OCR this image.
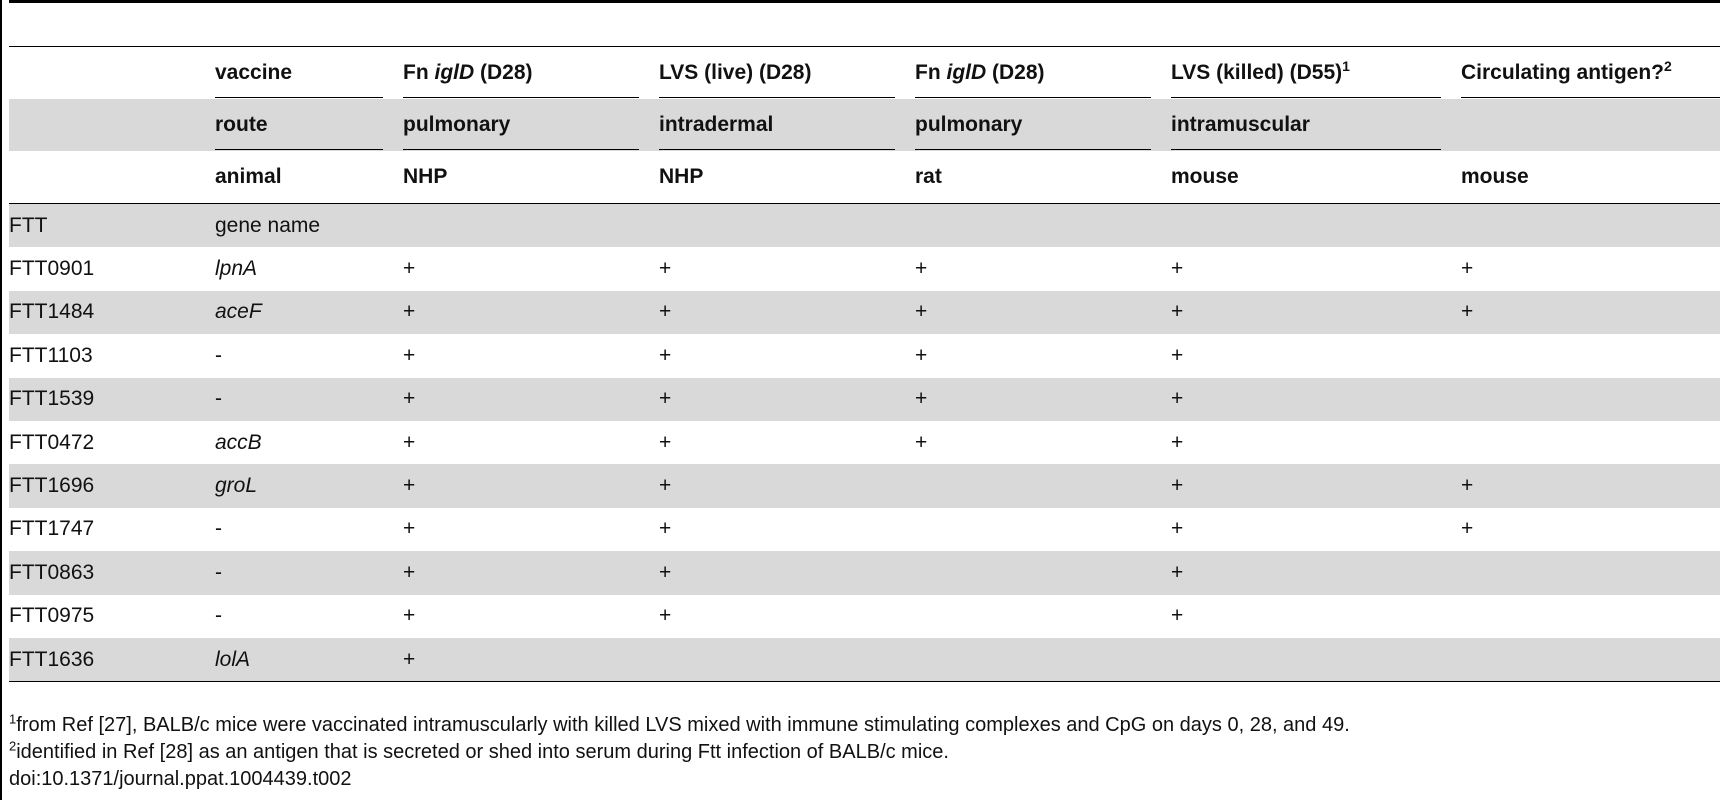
	vaccine	Fn iglD (D28)	LVS (live) (D28)	Fn iglD (D28)	LVS (killed) $(D55)^1$	Circulating antigen?$^2$

	route	pulmonary	intradermal	pulmonary	intramuscular	

	animal	NHP	NHP	rat	mouse	mouse

FTT	gene name					
FTT0901	lpnA	+	+	+	+	+
FTT1484	aceF	+	+	+	+	+
FTT1103	-	+	+	+	+	
FTT1539	-	+	+	+	+	
FTT0472	accB	+	+	+	+	
FTT1696	groL	+	+		+	+
FTT1747	-	+	+		+	+
FTT0863	-	+	+		+	
FTT0975	-	+	+		+	
FTT1636	lolA	+				
$^1$from Ref [27], BALB/c mice were vaccinated intramuscularly with killed LVS mixed with immune stimulating complexes and CpG on days 0, 28, and 49.
$^2$identified in Ref [28] as an antigen that is secreted or shed into serum during Ftt infection of BALB/c mice.
doi:10.1371/journal.ppat.1004439.t002
